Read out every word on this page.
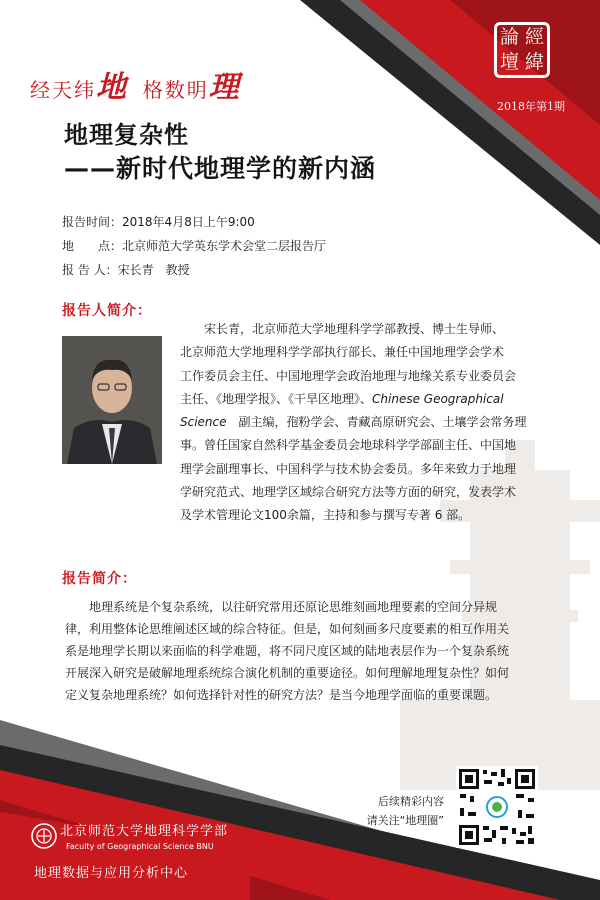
经天纬地 格数明理
論 經
壇 緯
2018年第1期
地理复杂性
——新时代地理学的新内涵
报告时间：2018年4月8日上午9:00
地　　点：北京师范大学英东学术会堂二层报告厅
报 告 人：宋长青　教授
报告人简介：
宋长青，北京师范大学地理科学学部教授、博士生导师、
北京师范大学地理科学学部执行部长、兼任中国地理学会学术
工作委员会主任、中国地理学会政治地理与地缘关系专业委员会
主任、《地理学报》、《干旱区地理》、Chinese Geographical
Science　 副主编，孢粉学会、青藏高原研究会、土壤学会常务理
事。曾任国家自然科学基金委员会地球科学学部副主任、中国地
理学会副理事长、中国科学与技术协会委员。多年来致力于地理
学研究范式、地理学区域综合研究方法等方面的研究，发表学术
及学术管理论文100余篇，主持和参与撰写专著 6 部。
报告简介：
地理系统是个复杂系统，以往研究常用还原论思维刻画地理要素的空间分异规
律，利用整体论思维阐述区域的综合特征。但是，如何刻画多尺度要素的相互作用关
系是地理学长期以来面临的科学难题，将不同尺度区域的陆地表层作为一个复杂系统
开展深入研究是破解地理系统综合演化机制的重要途径。如何理解地理复杂性？如何
定义复杂地理系统？如何选择针对性的研究方法？是当今地理学面临的重要课题。
后续精彩内容
请关注“地理圈”
北京师范大学地理科学学部
Faculty of Geographical Science BNU
地理数据与应用分析中心
